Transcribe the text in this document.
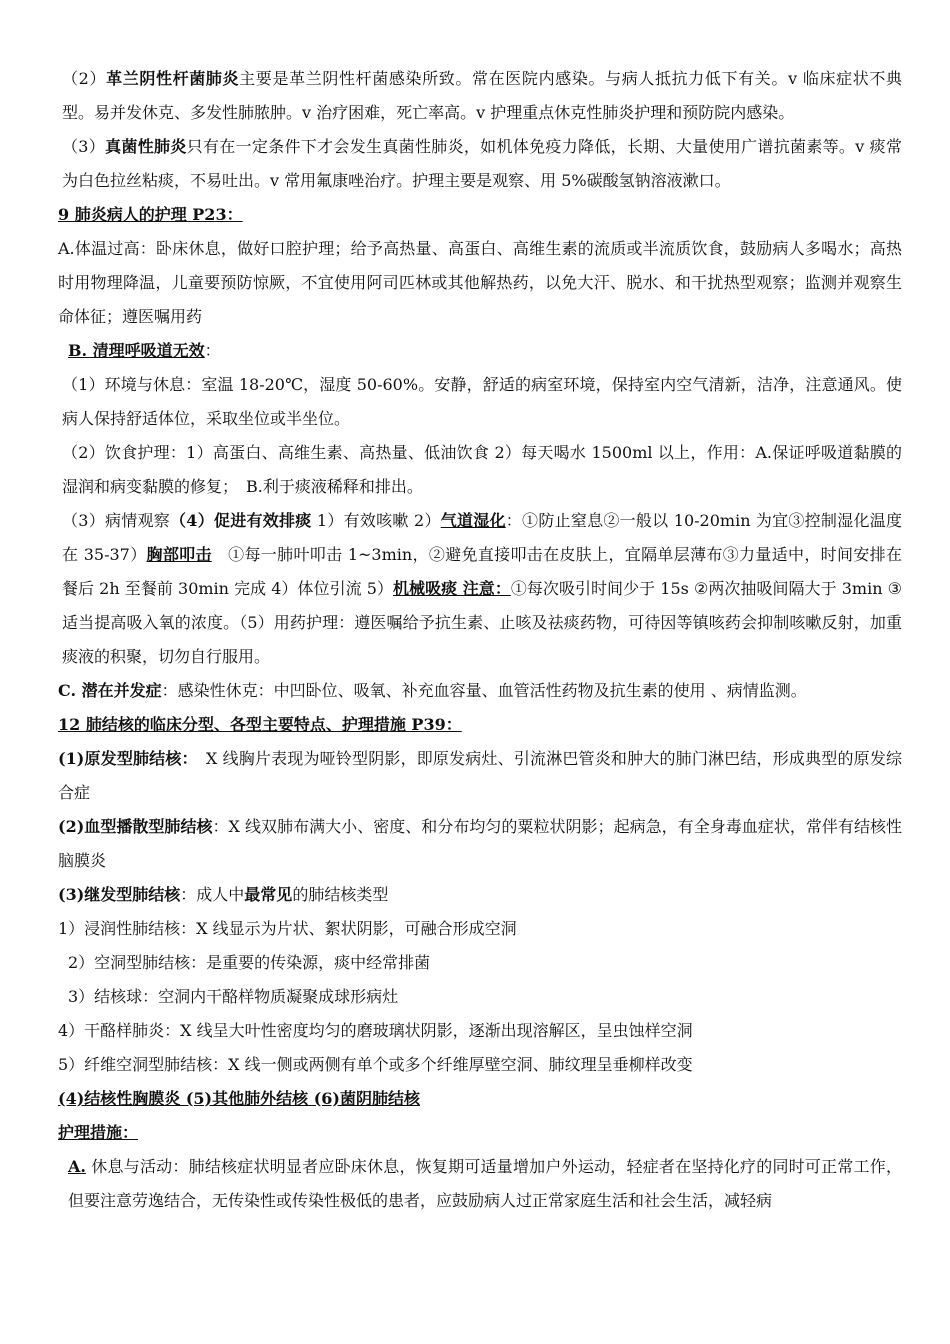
（2）革兰阴性杆菌肺炎主要是革兰阴性杆菌感染所致。常在医院内感染。与病人抵抗力低下有关。v 临床症状不典型。易并发休克、多发性肺脓肿。v 治疗困难，死亡率高。v 护理重点休克性肺炎护理和预防院内感染。

（3）真菌性肺炎只有在一定条件下才会发生真菌性肺炎，如机体免疫力降低，长期、大量使用广谱抗菌素等。v 痰常为白色拉丝粘痰，不易吐出。v 常用氟康唑治疗。护理主要是观察、用 5%碳酸氢钠溶液漱口。

9 肺炎病人的护理 P23：

A.体温过高：卧床休息，做好口腔护理；给予高热量、高蛋白、高维生素的流质或半流质饮食，鼓励病人多喝水；高热时用物理降温，儿童要预防惊厥，不宜使用阿司匹林或其他解热药，以免大汗、脱水、和干扰热型观察；监测并观察生命体征；遵医嘱用药

B. 清理呼吸道无效：

（1）环境与休息：室温 18-20℃，湿度 50-60%。安静，舒适的病室环境，保持室内空气清新，洁净，注意通风。使病人保持舒适体位，采取坐位或半坐位。

（2）饮食护理：1）高蛋白、高维生素、高热量、低油饮食 2）每天喝水 1500ml 以上，作用：A.保证呼吸道黏膜的湿润和病变黏膜的修复；　B.利于痰液稀释和排出。

（3）病情观察（4）促进有效排痰 1）有效咳嗽 2）气道湿化：①防止窒息②一般以 10-20min 为宜③控制湿化温度在 35-37）胸部叩击　①每一肺叶叩击 1~3min，②避免直接叩击在皮肤上，宜隔单层薄布③力量适中，时间安排在餐后 2h 至餐前 30min 完成 4）体位引流 5）机械吸痰 注意：①每次吸引时间少于 15s ②两次抽吸间隔大于 3min ③适当提高吸入氧的浓度。（5）用药护理：遵医嘱给予抗生素、止咳及祛痰药物，可待因等镇咳药会抑制咳嗽反射，加重痰液的积聚，切勿自行服用。

C. 潜在并发症：感染性休克：中凹卧位、吸氧、补充血容量、血管活性药物及抗生素的使用 、病情监测。

12 肺结核的临床分型、各型主要特点、护理措施 P39：

(1)原发型肺结核：　X 线胸片表现为哑铃型阴影，即原发病灶、引流淋巴管炎和肿大的肺门淋巴结，形成典型的原发综合症

(2)血型播散型肺结核：X 线双肺布满大小、密度、和分布均匀的粟粒状阴影；起病急，有全身毒血症状，常伴有结核性脑膜炎

(3)继发型肺结核：成人中最常见的肺结核类型

1）浸润性肺结核：X 线显示为片状、絮状阴影，可融合形成空洞

2）空洞型肺结核：是重要的传染源，痰中经常排菌

3）结核球：空洞内干酪样物质凝聚成球形病灶

4）干酪样肺炎：X 线呈大叶性密度均匀的磨玻璃状阴影，逐渐出现溶解区，呈虫蚀样空洞

5）纤维空洞型肺结核：X 线一侧或两侧有单个或多个纤维厚壁空洞、肺纹理呈垂柳样改变

(4)结核性胸膜炎 (5)其他肺外结核 (6)菌阴肺结核

护理措施：

A. 休息与活动：肺结核症状明显者应卧床休息，恢复期可适量增加户外运动，轻症者在坚持化疗的同时可正常工作，但要注意劳逸结合，无传染性或传染性极低的患者，应鼓励病人过正常家庭生活和社会生活，减轻病
